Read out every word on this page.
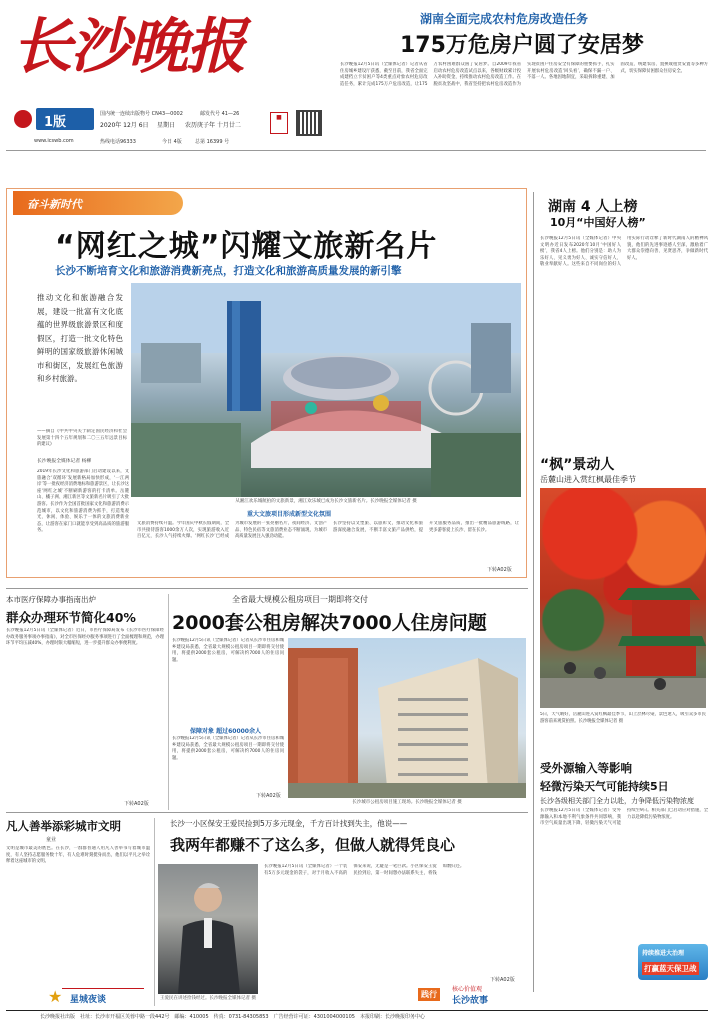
长沙晚报
1版
国内统一连续出版物号 CN43—0002	邮发代号 41—26
2020年 12月 6日 星期日 农历庚子年 十月廿二
www.icswb.com	热线电话96333	今日 4版	总第 16399 号
■
湖南全面完成农村危房改造任务
175万危房户圆了安居梦
长沙晚报12月5日讯（全媒体记者）记者从省住房城乡建设厅获悉，截至目前，我省全面完成建档立卡贫困户等4类重点对象农村危房改造任务，累计完成175万户危房改造，让175万农村困难群众圆了安居梦。自2009年我省启动农村危房改造试点以来，各级财政累计投入补助资金，持续推动农村危房改造工作。在脱贫攻坚战中，我省坚持把农村危房改造作为实现贫困户住房安全有保障的重要抓手，扎实开展农村危房改造‘回头看’，确保不漏一户、不落一人。各地因地制宜，采取拆除重建、加固改造、统建农房、置换或租赁安置等多种方式，切实保障贫困群众住房安全。
奋斗新时代
“网红之城”闪耀文旅新名片
长沙不断培育文化和旅游消费新亮点，打造文化和旅游高质量发展的新引擎
推动文化和旅游融合发展，建设一批富有文化底蕴的世界级旅游景区和度假区，打造一批文化特色鲜明的国家级旅游休闲城市和街区，发展红色旅游和乡村旅游。
——摘自《中共中央关于制定国民经济和社会发展第十四个五年规划和二〇三五年远景目标的建议》
长沙晚报全媒体记者 杨柳
2019年长沙文化和旅游部门启动建设以来，文旅融合‘双循环’发展新格局加快形成，‘一江两岸’等一批夜经济消费地标和旅游景区，让长沙这座‘网红之城’不断刷新游客的打卡清单。岳麓山、橘子洲、湘江新区等文旅新名片吸引了大批游客。长沙作为全国首批国家文化和旅游消费示范城市，以文化和旅游消费为抓手，打造集观光、休闲、体验、娱乐于一体的文旅消费新业态，让游客在家门口就能享受到高品质的旅游服务。
从湘江欢乐城航拍的文旅新景，湘江欢乐城已成为长沙文旅新名片。长沙晚报全媒体记者 摄
重大文旅项目形成新型文化氛围
文旅消费持续升温。今年国庆中秋长假期间，全市共接待游客1000余万人次，实现旅游收入近百亿元，长沙人气持续火爆。‘网红长沙’已经成为城市发展的一张亮丽名片，夜间经济、文创产品、特色民宿等文旅消费业态不断涌现，为城市高质量发展注入强劲动能。
长沙坚持以文塑旅、以旅彰文，推动文化和旅游深度融合发展，不断丰富文旅产品供给，提升文旅服务品质，推出一批精品旅游线路，让更多游客爱上长沙、留在长沙。
下转A02版
湖南 4 人上榜
10月“中国好人榜”
长沙晚报12月5日讯（全媒体记者）中央文明办近日发布2020年10月‘中国好人榜’，我省4人上榜。他们分别是：助人为乐好人、见义勇为好人、诚实守信好人、敬业奉献好人。这些来自不同岗位的好人用实际行动诠释了新时代湖南人的精神风貌，他们的先进事迹感人至深，激励着广大群众崇德向善、见贤思齐，争做新时代好人。
“枫”景动人
岳麓山进入赏红枫最佳季节
5日，天气晴好，岳麓山进入赏红枫最佳季节，山上层林尽染，景色迷人，吸引众多市民游客前来观赏拍照。长沙晚报全媒体记者 摄
受外源输入等影响
轻微污染天气可能持续5日
长沙各级相关部门全力以赴，力争降低污染物浓度
长沙晚报12月5日讯（全媒体记者）受外源输入和本地不利气象条件共同影响，我市空气质量出现下降，轻微污染天气可能持续至9日。相关部门已启动应对措施，全力以赴降低污染物浓度。
持续推进大治理
打赢蓝天保卫战
本市医疗保障办事指南出炉
群众办理环节简化40%
长沙晚报12月5日讯（全媒体记者）近日，市医疗保障局发布《长沙市医疗保障经办政务服务事项办事指南》，对全市医保经办服务事项进行了全面梳理和规范，办理环节平均压减40%，办理时限大幅缩短，进一步提升群众办事便利度。
下转A02版
全省最大规模公租房项目一期即将交付
2000套公租房解决7000人住房问题
长沙晚报12月5日讯（全媒体记者）记者从长沙市住房和城乡建设局获悉，全省最大规模公租房项目一期即将交付使用，将提供2000套公租房，可解决约7000人的住房问题。
保障对象 超过60000余人
长沙晚报12月5日讯（全媒体记者）记者从长沙市住房和城乡建设局获悉，全省最大规模公租房项目一期即将交付使用，将提供2000套公租房，可解决约7000人的住房问题。
下转A02版
长沙城市公租房项目施工现场。长沙晚报全媒体记者 摄
凡人善举添彩城市文明
童业
文明是城市最美的底色。在长沙，一群群普通人用凡人善举书写着城市温度，有人坚持志愿服务数十年，有人危难时刻挺身而出，他们以平凡之举诠释着这座城市的文明。
★ 星城夜谈
长沙一小区保安王爱民捡到5万多元现金，千方百计找到失主，他说——
我两年都赚不了这么多，但做人就得凭良心
王爱民在讲述捡钱经过。长沙晚报全媒体记者 摄
长沙晚报12月5日讯（全媒体记者）一个装有5万多元现金的袋子，对于月收入不高的保安来说，无疑是一笔巨款。小区保安王爱民捡到后，第一时间想办法联系失主，将钱如数归还。
下转A02版
践行
核心价值观
长沙故事
长沙晚报社出版　社址：长沙市开福区芙蓉中路一段442号　邮编：410005　传真：0731-84305853　广告经营许可证：4301004000105　本报印刷：长沙晚报印务中心
